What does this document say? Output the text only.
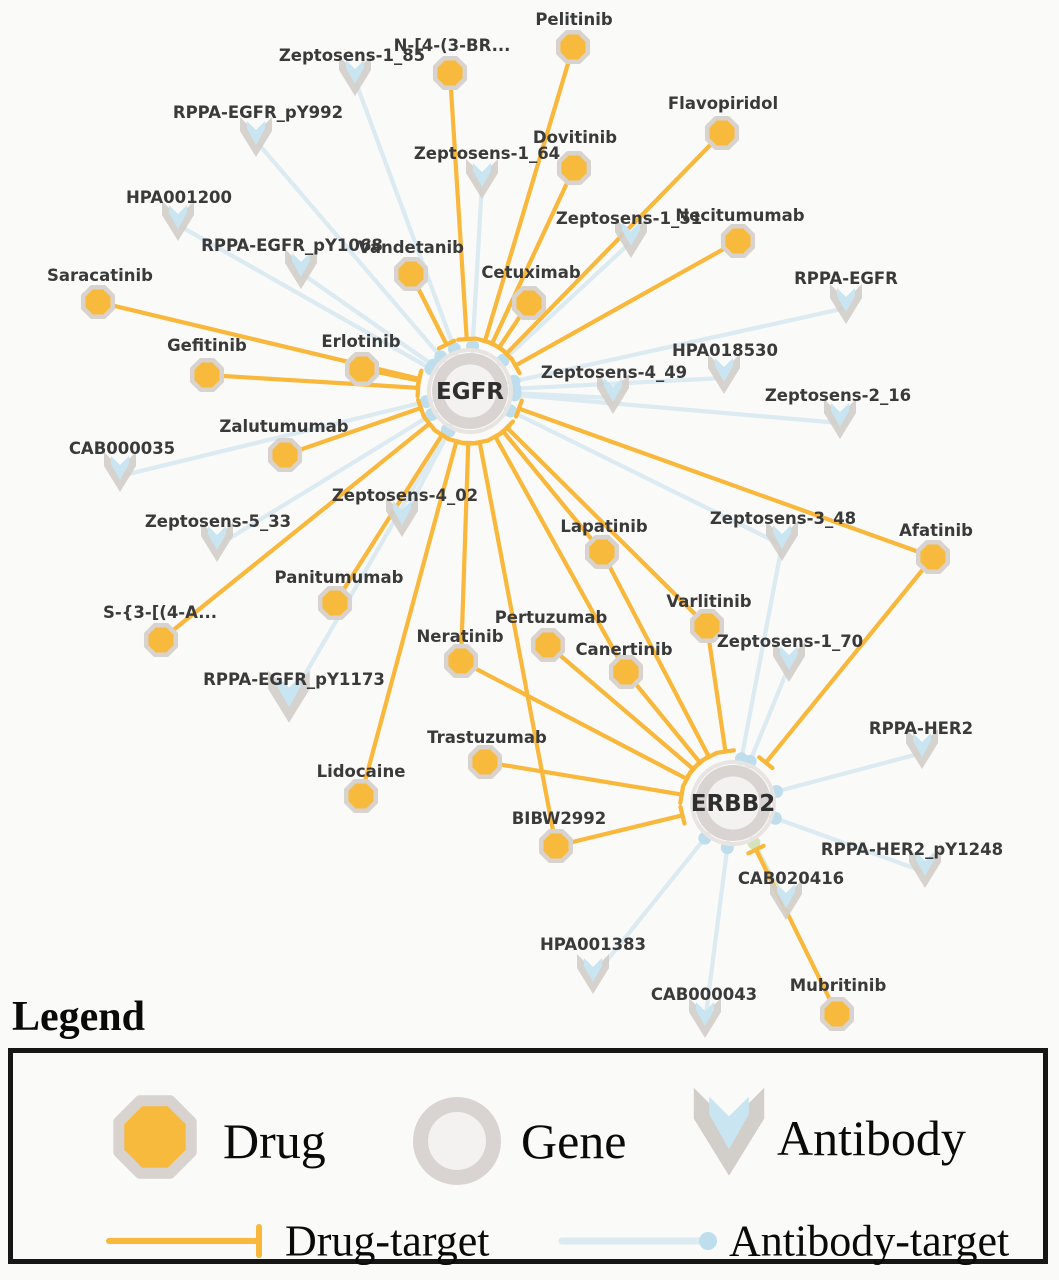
EGFR
ERBB2
Pelitinib
N-[4-(3-BR...
Flavopiridol
Dovitinib
Vandetanib
Cetuximab
Necitumumab
Saracatinib
Gefitinib	Erlotinib
Zalutumumab
Panitumumab
S-{3-[(4-A...
Lapatinib	Afatinib
Varlitinib
Pertuzumab
Neratinib
Canertinib
Trastuzumab
Lidocaine
BIBW2992
Mubritinib
Zeptosens-1_85
RPPA-EGFR_pY992
HPA001200
RPPA-EGFR_pY1068
Zeptosens-1_64
Zeptosens-1_51
RPPA-EGFR
Zeptosens-4_49
HPA018530
Zeptosens-2_16
CAB000035
Zeptosens-5_33
Zeptosens-4_02
RPPA-EGFR_pY1173
Zeptosens-3_48
Zeptosens-1_70
RPPA-HER2
RPPA-HER2_pY1248
CAB020416
HPA001383
CAB000043
Legend
Drug	Gene	Antibody
Drug-target	Antibody-target
